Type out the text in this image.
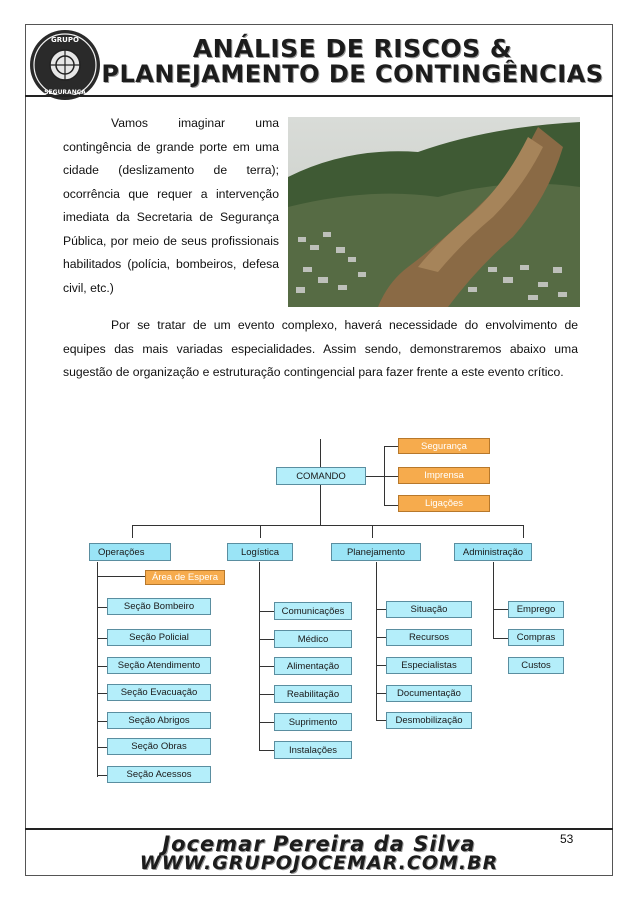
GRUPO
SEGURANÇA
ANÁLISE DE RISCOS &
PLANEJAMENTO DE CONTINGÊNCIAS
Vamos imaginar uma contingência de grande porte em uma cidade (deslizamento de terra); ocorrência que requer a intervenção imediata da Secretaria de Segurança Pública, por meio de seus profissionais habilitados (polícia, bombeiros, defesa civil, etc.)
Por se tratar de um evento complexo, haverá necessidade do envolvimento de equipes das mais variadas especialidades. Assim sendo, demonstraremos abaixo uma sugestão de organização e estruturação contingencial para fazer frente a este evento crítico.
COMANDO
Segurança
Imprensa
Ligações
Operações	Logística	Planejamento	Administração
Área de Espera
Seção Bombeiro
Seção Policial
Seção Atendimento
Seção Evacuação
Seção Abrigos
Seção Obras
Seção Acessos
Comunicações
Médico
Alimentação
Reabilitação
Suprimento
Instalações
Situação
Recursos
Especialistas
Documentação
Desmobilização
Emprego
Compras
Custos
53
Jocemar Pereira da Silva
WWW.GRUPOJOCEMAR.COM.BR
